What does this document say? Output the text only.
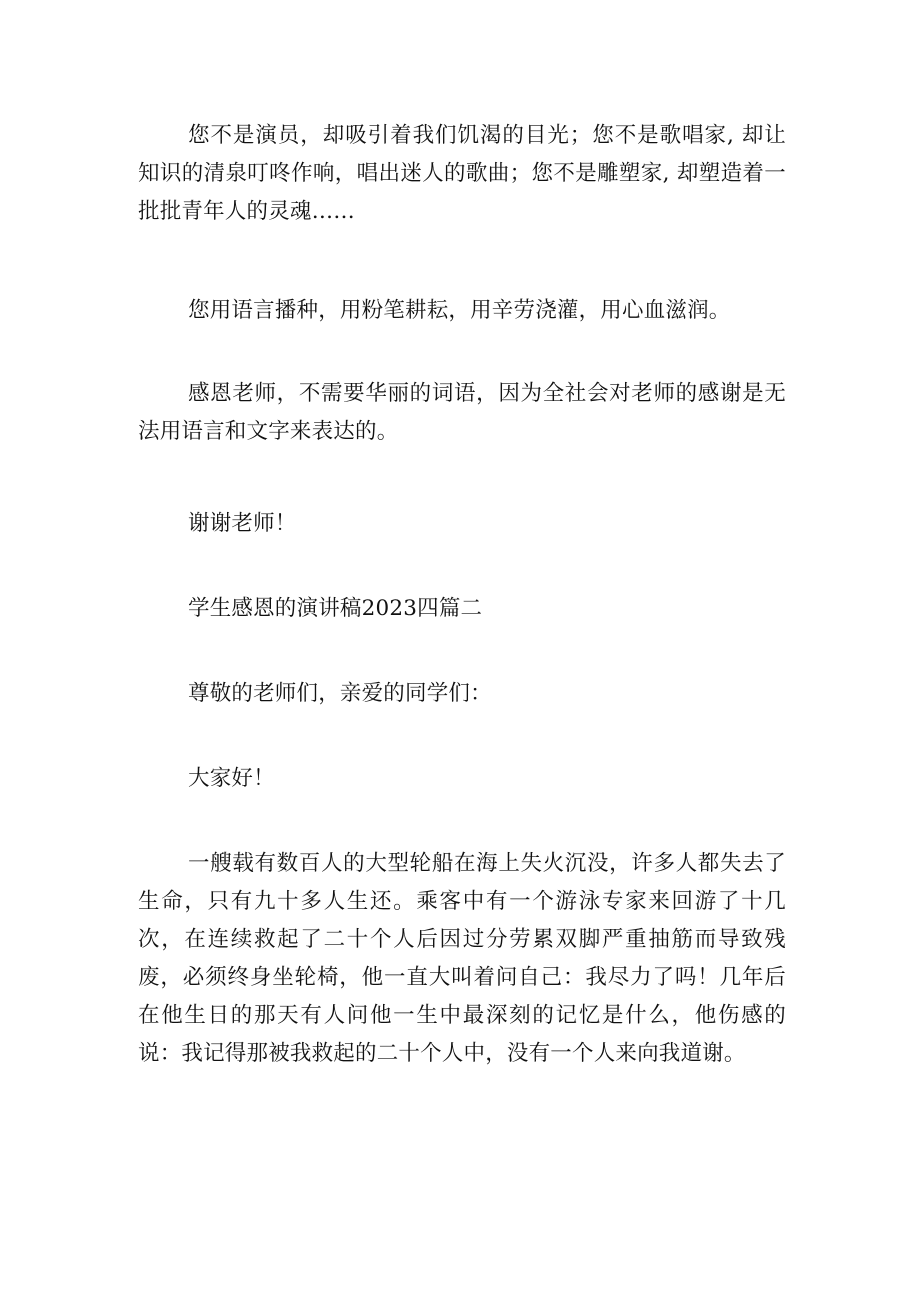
您不是演员，却吸引着我们饥渴的目光；您不是歌唱家, 却让知识的清泉叮咚作响，唱出迷人的歌曲；您不是雕塑家, 却塑造着一批批青年人的灵魂……

您用语言播种，用粉笔耕耘，用辛劳浇灌，用心血滋润。

感恩老师，不需要华丽的词语，因为全社会对老师的感谢是无法用语言和文字来表达的。

谢谢老师！

学生感恩的演讲稿2023四篇二

尊敬的老师们，亲爱的同学们：

大家好！

一艘载有数百人的大型轮船在海上失火沉没，许多人都失去了生命，只有九十多人生还。乘客中有一个游泳专家来回游了十几次，在连续救起了二十个人后因过分劳累双脚严重抽筋而导致残废，必须终身坐轮椅，他一直大叫着问自己：我尽力了吗！几年后在他生日的那天有人问他一生中最深刻的记忆是什么，他伤感的说：我记得那被我救起的二十个人中，没有一个人来向我道谢。
